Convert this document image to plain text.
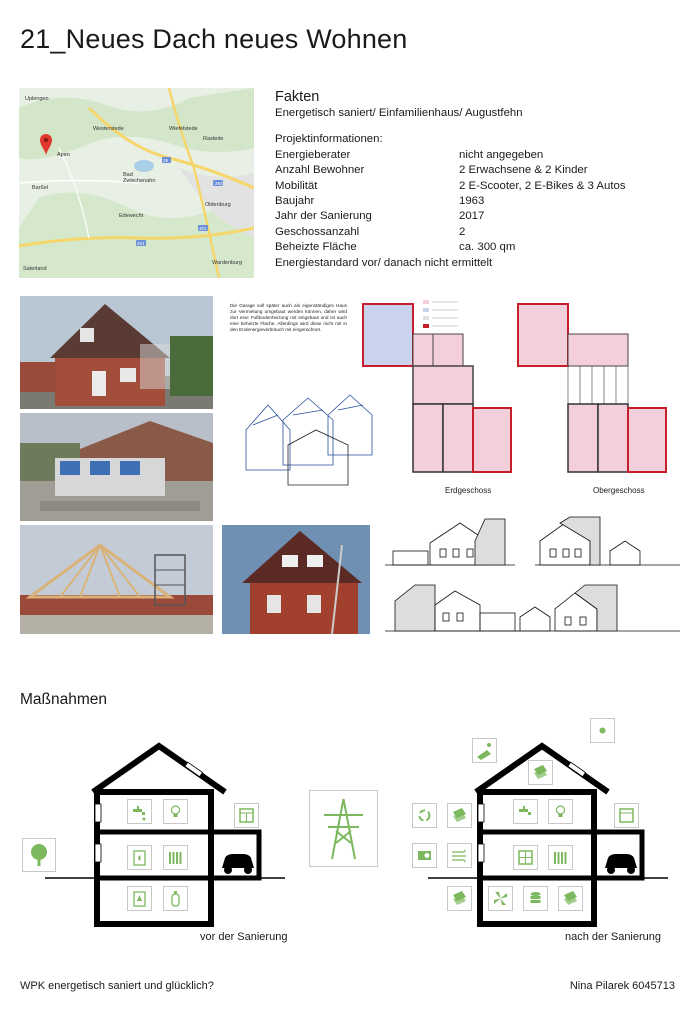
21_Neues Dach neues Wohnen
Uplengen
Westerstede	Wiefelstede
Rastede
Apen
Bad Zwischenahn
Barßel
Edewecht
Oldenburg
Saterland
Wardenburg
28
293
401
401
Fakten
Energetisch saniert/ Einfamilienhaus/ Augustfehn
Projektinformationen:
Energieberater	nicht angegeben
Anzahl Bewohner	2 Erwachsene & 2 Kinder
Mobilität	2 E-Scooter, 2 E-Bikes & 3 Autos
Baujahr	1963
Jahr der Sanierung	2017
Geschossanzahl	2
Beheizte Fläche	ca. 300 qm
Energiestandard vor/ danach nicht ermittelt
Die Garage soll später auch als eigenständiges Haus zur Vermietung umgebaut werden können, daher wird dort eine Fußbodenheizung mit eingebaut und ist auch eine beheizte Fläche. Allerdings wird diese nicht mit in den Endenergieverbrauch mit eingerechnet.
Erdgeschoss	Obergeschoss
Maßnahmen
vor der Sanierung	nach der Sanierung
WPK energetisch saniert und glücklich?	Nina Pilarek 6045713
